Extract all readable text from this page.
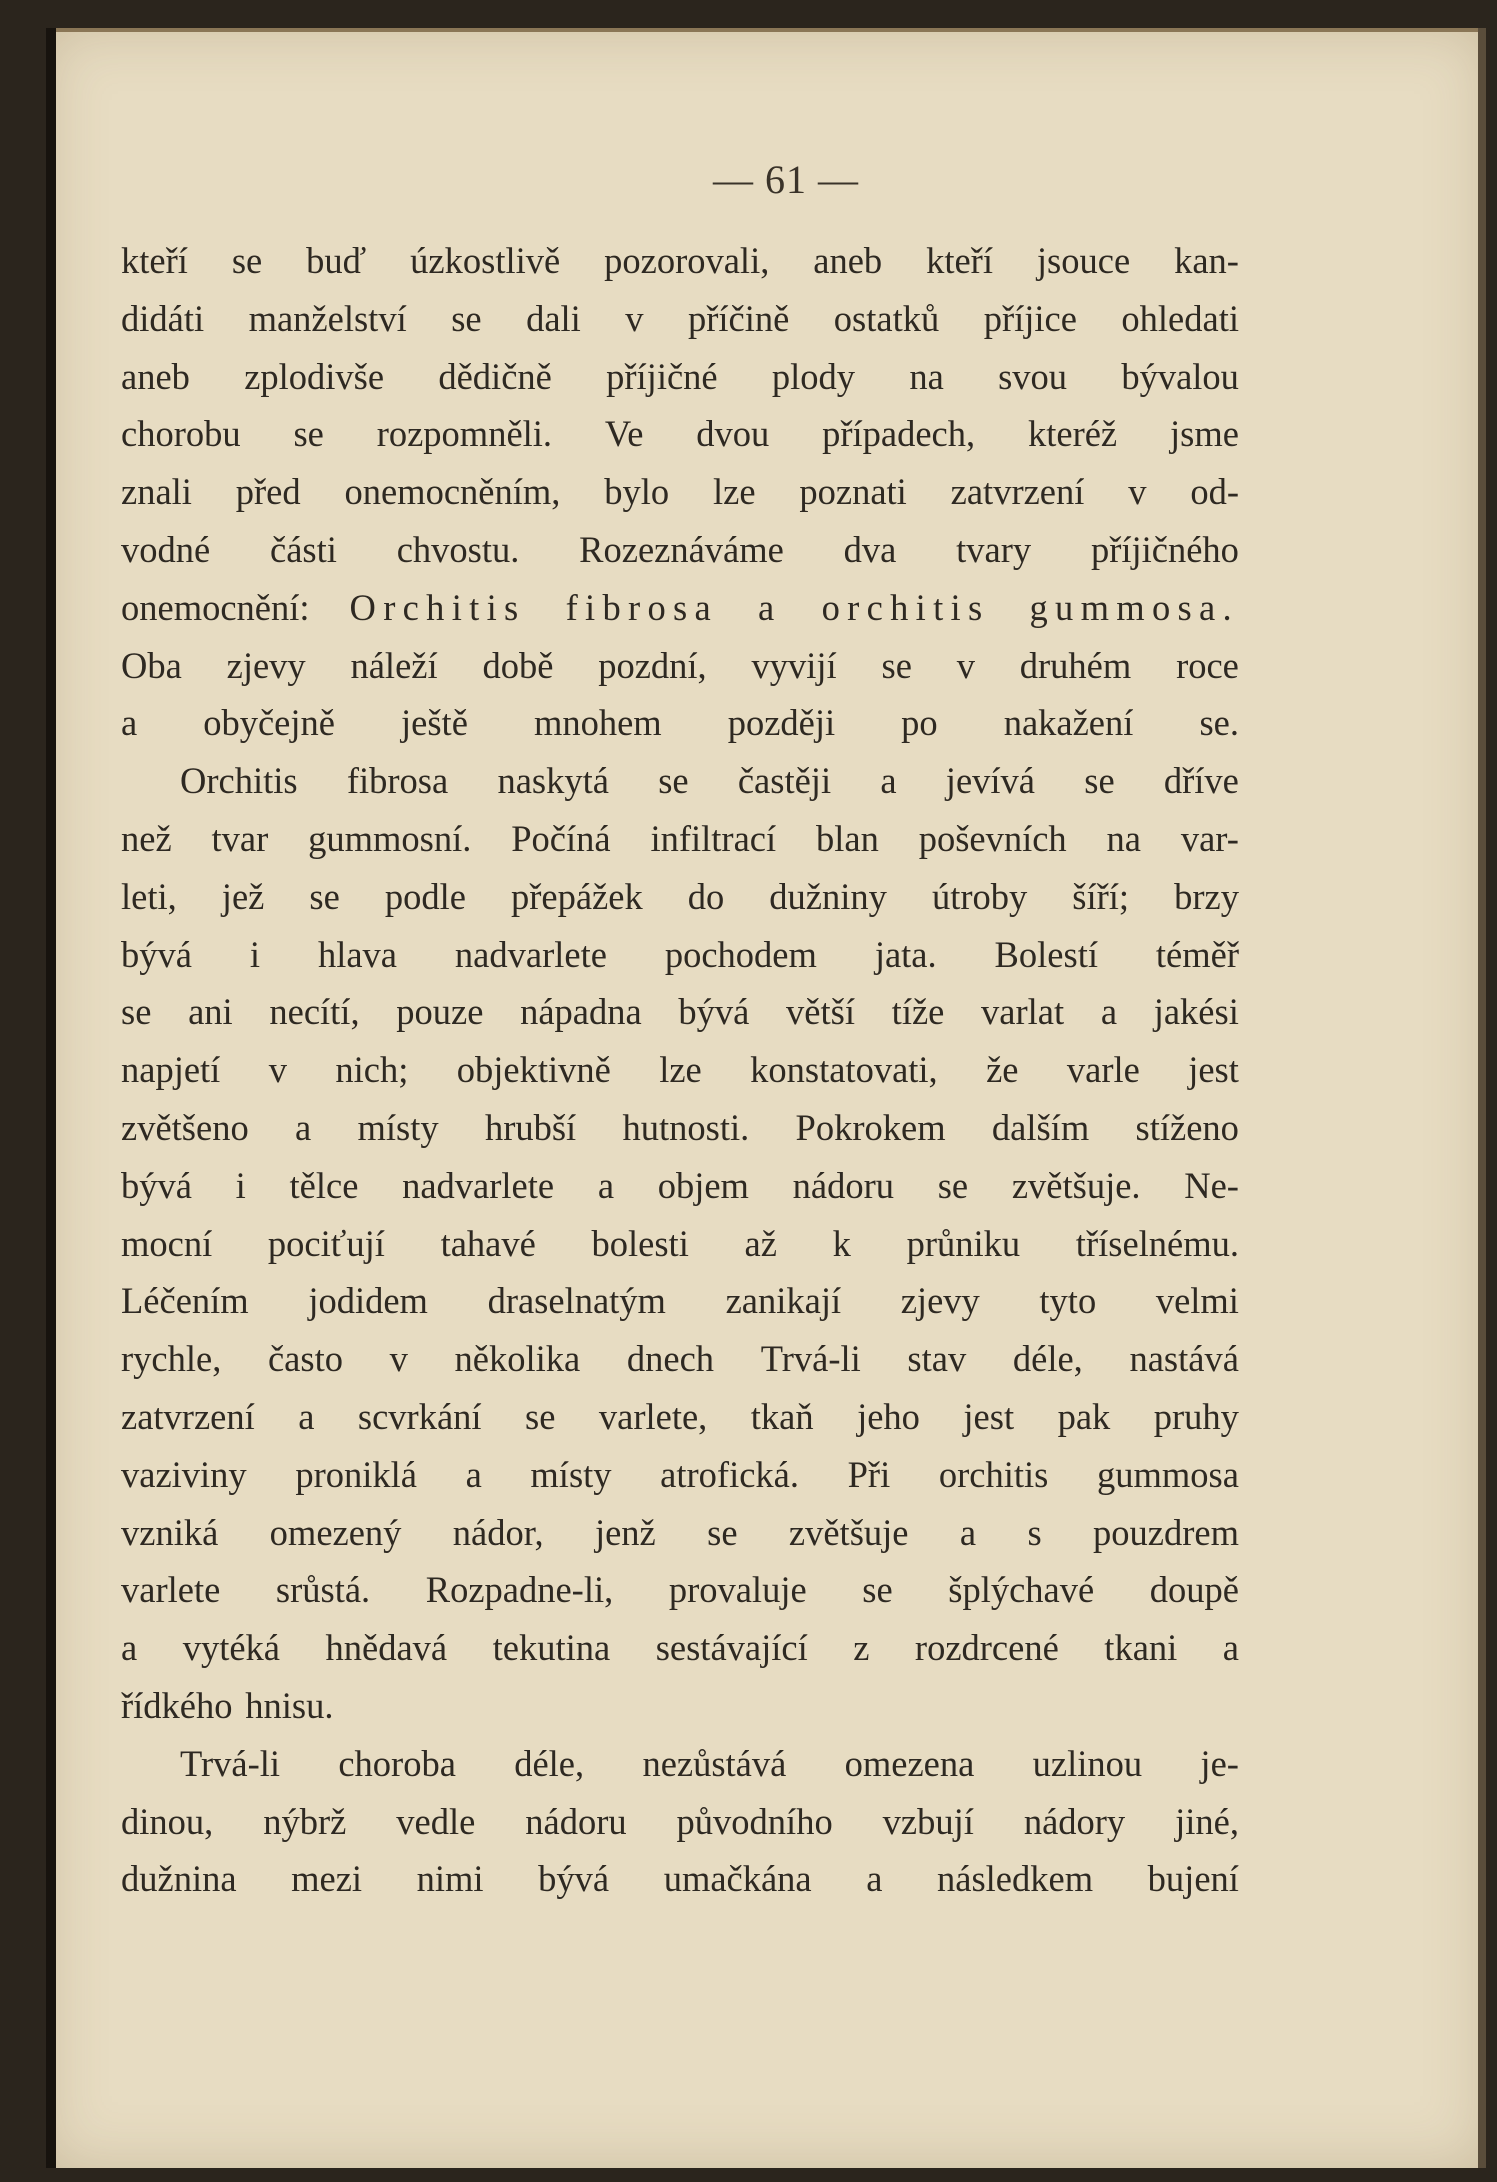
— 61 —
kteří se buď úzkostlivě pozorovali, aneb kteří jsouce kan-
didáti manželství se dali v příčině ostatků příjice ohledati
aneb zplodivše dědičně příjičné plody na svou bývalou
chorobu se rozpomněli. Ve dvou případech, kteréž jsme
znali před onemocněním, bylo lze poznati zatvrzení v od-
vodné části chvostu. Rozeznáváme dva tvary příjičného
onemocnění: Orchitis fibrosa a orchitis gummosa.
Oba zjevy náleží době pozdní, vyvijí se v druhém roce
a obyčejně ještě mnohem později po nakažení se.
Orchitis fibrosa naskytá se častěji a jevívá se dříve
než tvar gummosní. Počíná infiltrací blan poševních na var-
leti, jež se podle přepážek do dužniny útroby šíří; brzy
bývá i hlava nadvarlete pochodem jata. Bolestí téměř
se ani necítí, pouze nápadna bývá větší tíže varlat a jakési
napjetí v nich; objektivně lze konstatovati, že varle jest
zvětšeno a místy hrubší hutnosti. Pokrokem dalším stíženo
bývá i tělce nadvarlete a objem nádoru se zvětšuje. Ne-
mocní pociťují tahavé bolesti až k průniku tříselnému.
Léčením jodidem draselnatým zanikají zjevy tyto velmi
rychle, často v několika dnech Trvá-li stav déle, nastává
zatvrzení a scvrkání se varlete, tkaň jeho jest pak pruhy
vaziviny proniklá a místy atrofická. Při orchitis gummosa
vzniká omezený nádor, jenž se zvětšuje a s pouzdrem
varlete srůstá. Rozpadne-li, provaluje se šplýchavé doupě
a vytéká hnědavá tekutina sestávající z rozdrcené tkani a
řídkého hnisu.
Trvá-li choroba déle, nezůstává omezena uzlinou je-
dinou, nýbrž vedle nádoru původního vzbují nádory jiné,
dužnina mezi nimi bývá umačkána a následkem bujení
